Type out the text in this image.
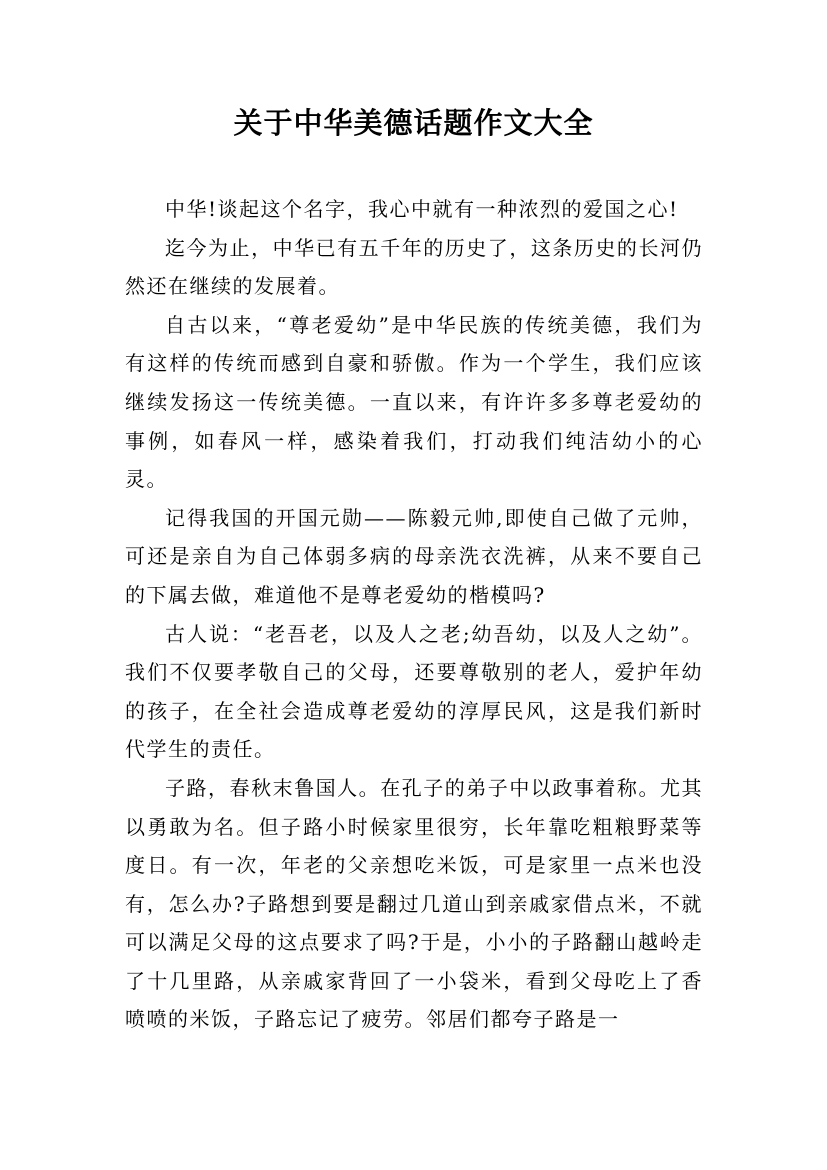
关于中华美德话题作文大全

中华!谈起这个名字，我心中就有一种浓烈的爱国之心!

迄今为止，中华已有五千年的历史了，这条历史的长河仍然还在继续的发展着。

自古以来，“尊老爱幼”是中华民族的传统美德，我们为有这样的传统而感到自豪和骄傲。作为一个学生，我们应该继续发扬这一传统美德。一直以来，有许许多多尊老爱幼的事例，如春风一样，感染着我们，打动我们纯洁幼小的心灵。

记得我国的开国元勋——陈毅元帅,即使自己做了元帅，可还是亲自为自己体弱多病的母亲洗衣洗裤，从来不要自己的下属去做，难道他不是尊老爱幼的楷模吗?

古人说：“老吾老，以及人之老;幼吾幼，以及人之幼”。我们不仅要孝敬自己的父母，还要尊敬别的老人，爱护年幼的孩子，在全社会造成尊老爱幼的淳厚民风，这是我们新时代学生的责任。

子路，春秋末鲁国人。在孔子的弟子中以政事着称。尤其以勇敢为名。但子路小时候家里很穷，长年靠吃粗粮野菜等度日。有一次，年老的父亲想吃米饭，可是家里一点米也没有，怎么办?子路想到要是翻过几道山到亲戚家借点米，不就可以满足父母的这点要求了吗?于是，小小的子路翻山越岭走了十几里路，从亲戚家背回了一小袋米，看到父母吃上了香喷喷的米饭，子路忘记了疲劳。邻居们都夸子路是一
